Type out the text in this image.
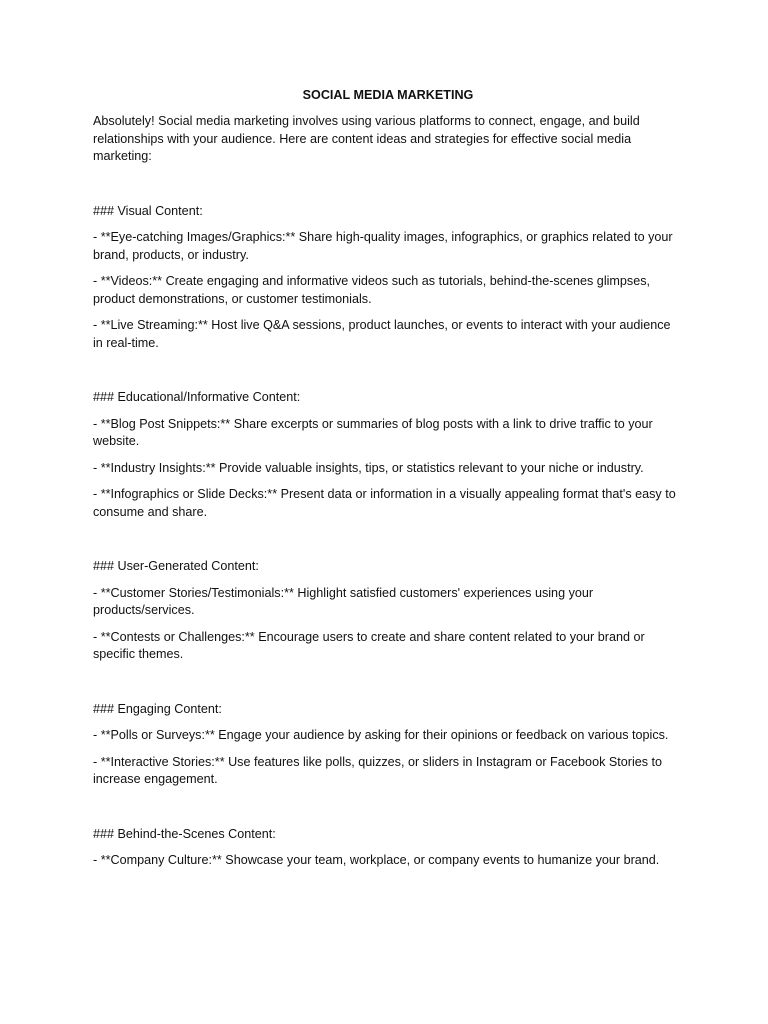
SOCIAL MEDIA MARKETING
Absolutely! Social media marketing involves using various platforms to connect, engage, and build relationships with your audience. Here are content ideas and strategies for effective social media marketing:
### Visual Content:
- **Eye-catching Images/Graphics:** Share high-quality images, infographics, or graphics related to your brand, products, or industry.
- **Videos:** Create engaging and informative videos such as tutorials, behind-the-scenes glimpses, product demonstrations, or customer testimonials.
- **Live Streaming:** Host live Q&A sessions, product launches, or events to interact with your audience in real-time.
### Educational/Informative Content:
- **Blog Post Snippets:** Share excerpts or summaries of blog posts with a link to drive traffic to your website.
- **Industry Insights:** Provide valuable insights, tips, or statistics relevant to your niche or industry.
- **Infographics or Slide Decks:** Present data or information in a visually appealing format that's easy to consume and share.
### User-Generated Content:
- **Customer Stories/Testimonials:** Highlight satisfied customers' experiences using your products/services.
- **Contests or Challenges:** Encourage users to create and share content related to your brand or specific themes.
### Engaging Content:
- **Polls or Surveys:** Engage your audience by asking for their opinions or feedback on various topics.
- **Interactive Stories:** Use features like polls, quizzes, or sliders in Instagram or Facebook Stories to increase engagement.
### Behind-the-Scenes Content:
- **Company Culture:** Showcase your team, workplace, or company events to humanize your brand.
